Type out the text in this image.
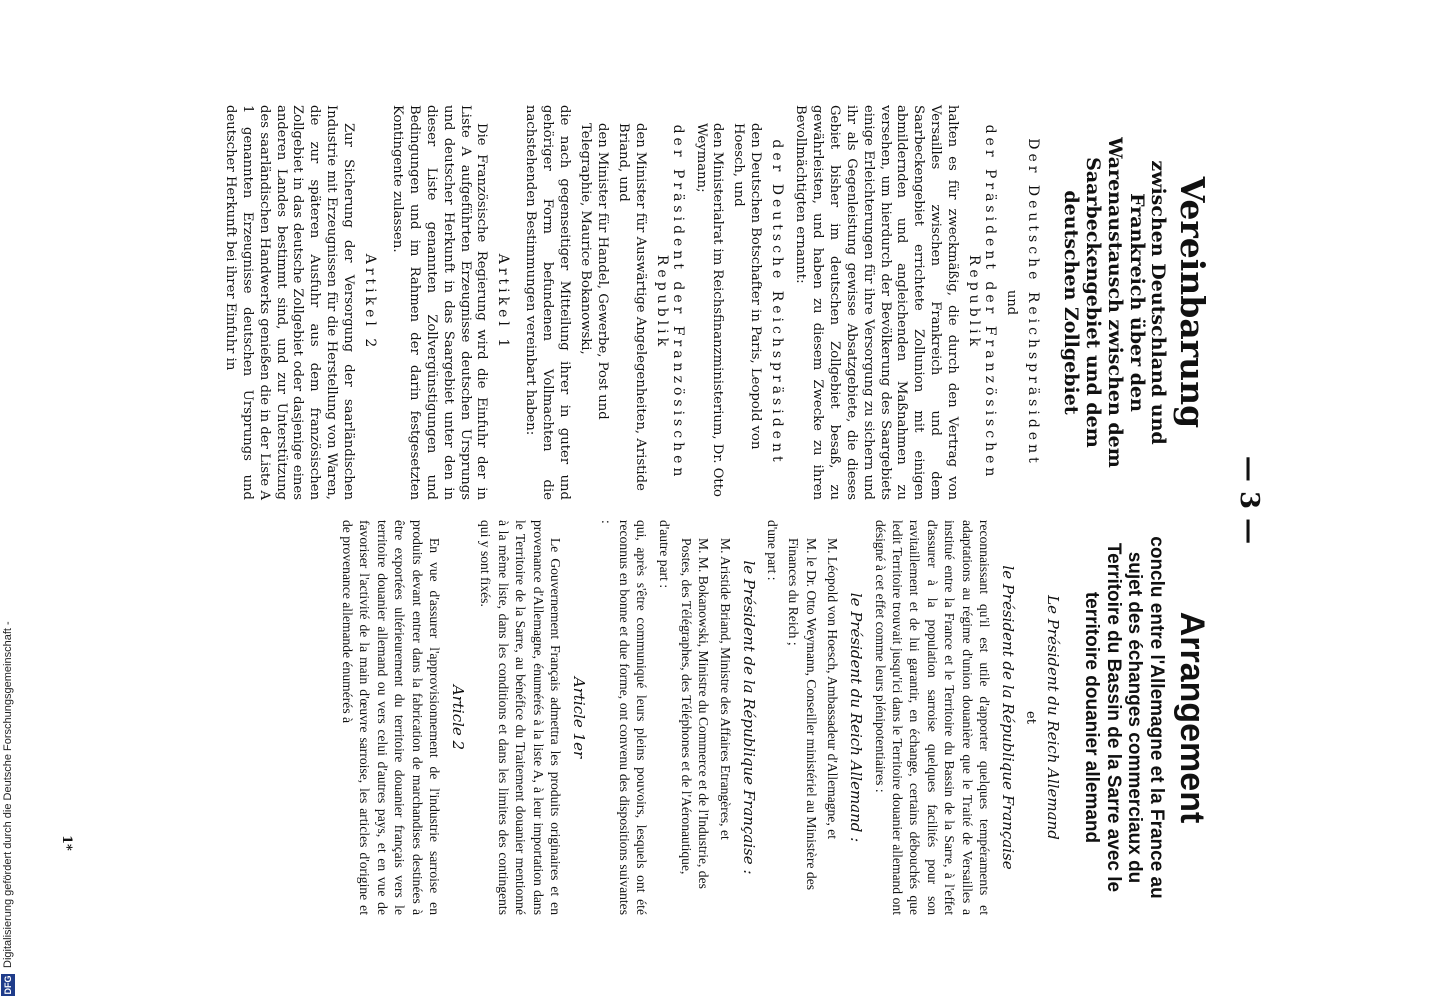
— 3 —
Vereinbarung
zwischen Deutschland und Frankreich über den Warenaustausch zwischen dem Saarbeckengebiet und dem deutschen Zollgebiet
Der Deutsche Reichspräsident
und
der Präsident der Französischen Republik

halten es für zweckmäßig, die durch den Vertrag von Versailles zwischen Frankreich und dem Saarbeckengebiet errichtete Zollunion mit einigen abmildernden und angleichenden Maßnahmen zu versehen, um hierdurch der Bevölkerung des Saargebiets einige Erleichterungen für ihre Versorgung zu sichern und ihr als Gegenleistung gewisse Absatzgebiete, die dieses Gebiet bisher im deutschen Zollgebiet besaß, zu gewährleisten, und haben zu diesem Zwecke zu ihren Bevollmächtigten ernannt:

der Deutsche Reichspräsident
den Deutschen Botschafter in Paris, Leopold von Hoesch, und
den Ministerialrat im Reichsfinanzministerium, Dr. Otto Weymann;
der Präsident der Französischen Republik
den Minister für Auswärtige Angelegenheiten, Aristide Briand, und
den Minister für Handel, Gewerbe, Post und Telegraphie, Maurice Bokanowski,

die nach gegenseitiger Mitteilung ihrer in guter und gehöriger Form befundenen Vollmachten die nachstehenden Bestimmungen vereinbart haben:

Artikel 1

Die Französische Regierung wird die Einfuhr der in Liste A aufgeführten Erzeugnisse deutschen Ursprungs und deutscher Herkunft in das Saargebiet unter den in dieser Liste genannten Zollvergünstigungen und Bedingungen und im Rahmen der darin festgesetzten Kontingente zulassen.

Artikel 2

Zur Sicherung der Versorgung der saarländischen Industrie mit Erzeugnissen für die Herstellung von Waren, die zur späteren Ausfuhr aus dem französischen Zollgebiet in das deutsche Zollgebiet oder dasjenige eines anderen Landes bestimmt sind, und zur Unterstützung des saarländischen Handwerks genießen die in der Liste A 1 genannten Erzeugnisse deutschen Ursprungs und deutscher Herkunft bei ihrer Einfuhr in

Arrangement
conclu entre l'Allemagne et la France au sujet des échanges commerciaux du Territoire du Bassin de la Sarre avec le territoire douanier allemand
Le Président du Reich Allemand
et
le Président de la République Française

reconnaissant qu'il est utile d'apporter quelques tempéraments et adaptations au régime d'union douanière que le Traité de Versailles a institué entre la France et le Territoire du Bassin de la Sarre, à l'effet d'assurer à la population sarroise quelques facilités pour son ravitaillement et de lui garantir, en échange, certains débouchés que ledit Territoire trouvait jusqu'ici dans le Territoire douanier allemand ont désigné à cet effet comme leurs plénipotentiaires :

le Président du Reich Allemand :
M. Léopold von Hoesch, Ambassadeur d'Allemagne, et
M. le Dr. Otto Weymann, Conseiller ministériel au Ministère des Finances du Reich ;

d'une part :

le Président de la République Française :
M. Aristide Briand, Ministre des Affaires Etrangères, et
M. M. Bokanowski, Ministre du Commerce et de l'Industrie, des Postes, des Télégraphes, des Téléphones et de l'Aéronautique,

d'autre part :

qui, après s'être communiqué leurs pleins pouvoirs, lesquels ont été reconnus en bonne et due forme, ont convenu des dispositions suivantes :

Article 1er

Le Gouvernement Français admettra les produits originaires et en provenance d'Allemagne, énumérés à la liste A, à leur importation dans le Territoire de la Sarre, au bénéfice du Traitement douanier mentionné à la même liste, dans les conditions et dans les limites des contingents qui y sont fixés.

Article 2

En vue d'assurer l'approvisionnement de l'industrie sarroise en produits devant entrer dans la fabrication de marchandises destinées à être exportées ultérieurement du territoire douanier français vers le territoire douanier allemand ou vers celui d'autres pays, et en vue de favoriser l'activité de la main d'œuvre sarroise, les articles d'origine et de provenance allemande énumérés à

1*
DFG
Digitalisierung gefördert durch die Deutsche Forschungsgemeinschaft -
